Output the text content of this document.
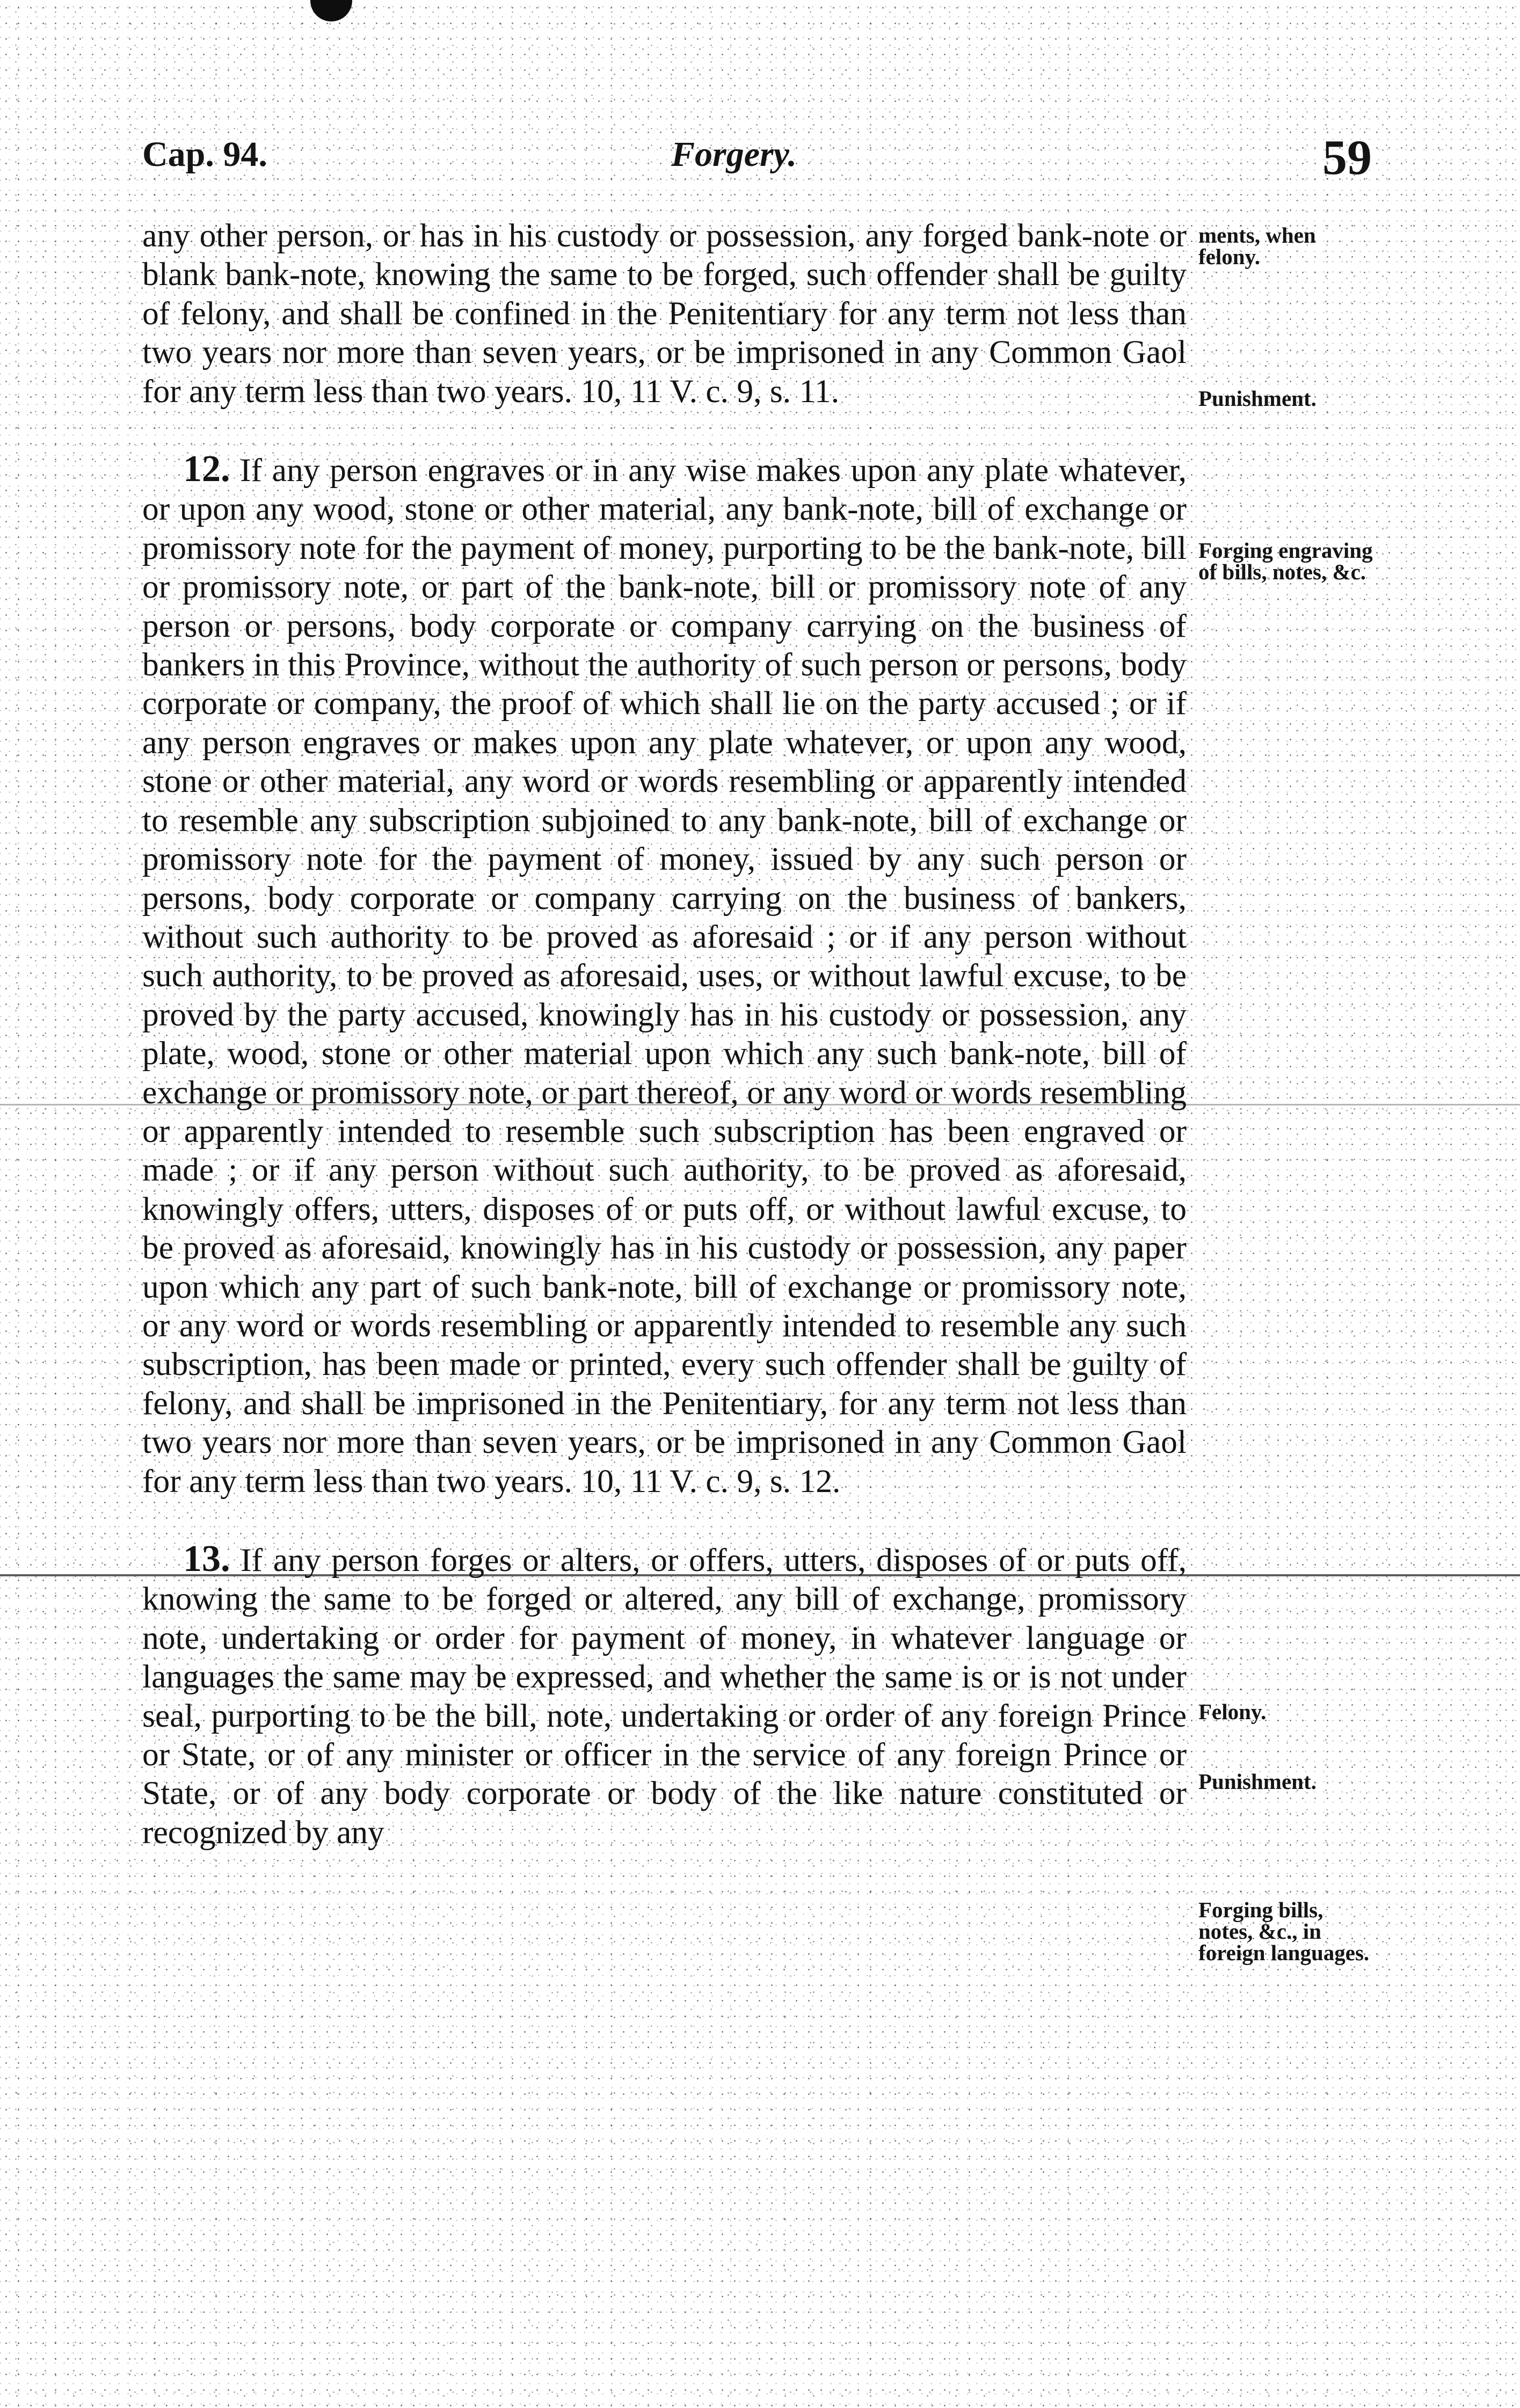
Cap. 94.	Forgery.	59

any other person, or has in his custody or possession, any forged bank-note or blank bank-note, knowing the same to be forged, such offender shall be guilty of felony, and shall be confined in the Penitentiary for any term not less than two years nor more than seven years, or be imprisoned in any Common Gaol for any term less than two years. 10, 11 V. c. 9, s. 11.

12. If any person engraves or in any wise makes upon any plate whatever, or upon any wood, stone or other material, any bank-note, bill of exchange or promissory note for the payment of money, purporting to be the bank-note, bill or promissory note, or part of the bank-note, bill or promissory note of any person or persons, body corporate or company carrying on the business of bankers in this Province, without the authority of such person or persons, body corporate or company, the proof of which shall lie on the party accused ; or if any person engraves or makes upon any plate whatever, or upon any wood, stone or other material, any word or words resembling or apparently intended to resemble any subscription subjoined to any bank-note, bill of exchange or promissory note for the payment of money, issued by any such person or persons, body corporate or company carrying on the business of bankers, without such authority to be proved as aforesaid ; or if any person without such authority, to be proved as aforesaid, uses, or without lawful excuse, to be proved by the party accused, knowingly has in his custody or possession, any plate, wood, stone or other material upon which any such bank-note, bill of exchange or promissory note, or part thereof, or any word or words resembling or apparently intended to resemble such subscription has been engraved or made ; or if any person without such authority, to be proved as aforesaid, knowingly offers, utters, disposes of or puts off, or without lawful excuse, to be proved as aforesaid, knowingly has in his custody or possession, any paper upon which any part of such bank-note, bill of exchange or promissory note, or any word or words resembling or apparently intended to resemble any such subscription, has been made or printed, every such offender shall be guilty of felony, and shall be imprisoned in the Penitentiary, for any term not less than two years nor more than seven years, or be imprisoned in any Common Gaol for any term less than two years. 10, 11 V. c. 9, s. 12.

13. If any person forges or alters, or offers, utters, disposes of or puts off, knowing the same to be forged or altered, any bill of exchange, promissory note, undertaking or order for payment of money, in whatever language or languages the same may be expressed, and whether the same is or is not under seal, purporting to be the bill, note, undertaking or order of any foreign Prince or State, or of any minister or officer in the service of any foreign Prince or State, or of any body corporate or body of the like nature constituted or recognized by any

ments, when felony.
Punishment.
Forging engraving of bills, notes, &c.
Felony.
Punishment.
Forging bills, notes, &c., in foreign languages.
